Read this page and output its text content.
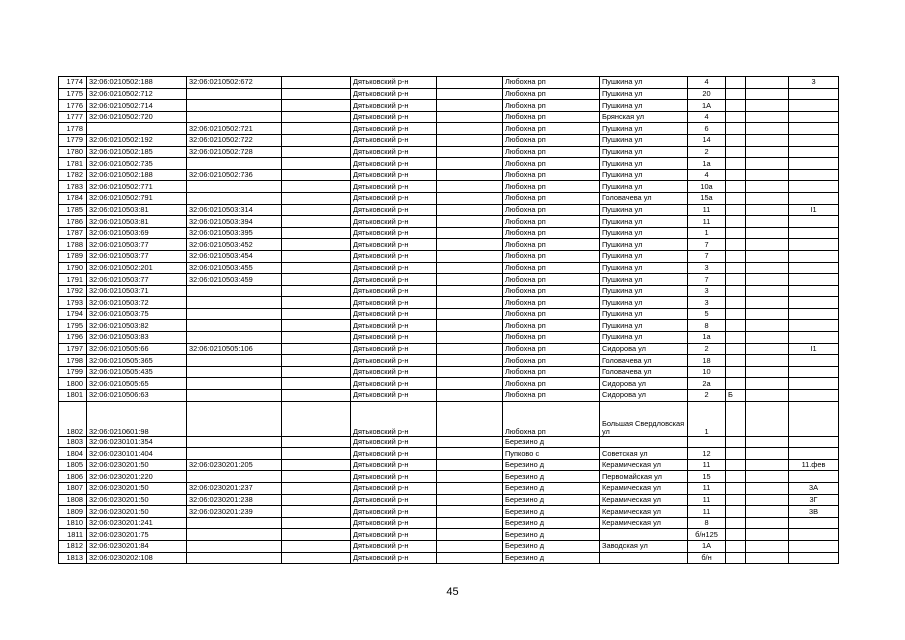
1774	32:06:0210502:188	32:06:0210502:672		Дятьковский р-н		Любохна рп	Пушкина ул	4			3
1775	32:06:0210502:712			Дятьковский р-н		Любохна рп	Пушкина ул	20			
1776	32:06:0210502:714			Дятьковский р-н		Любохна рп	Пушкина ул	1А			
1777	32:06:0210502:720			Дятьковский р-н		Любохна рп	Брянская ул	4			
1778		32:06:0210502:721		Дятьковский р-н		Любохна рп	Пушкина ул	6			
1779	32:06:0210502:192	32:06:0210502:722		Дятьковский р-н		Любохна рп	Пушкина ул	14			
1780	32:06:0210502:185	32:06:0210502:728		Дятьковский р-н		Любохна рп	Пушкина ул	2			
1781	32:06:0210502:735			Дятьковский р-н		Любохна рп	Пушкина ул	1а			
1782	32:06:0210502:188	32:06:0210502:736		Дятьковский р-н		Любохна рп	Пушкина ул	4			
1783	32:06:0210502:771			Дятьковский р-н		Любохна рп	Пушкина ул	10а			
1784	32:06:0210502:791			Дятьковский р-н		Любохна рп	Головачева ул	15а			
1785	32:06:0210503:81	32:06:0210503:314		Дятьковский р-н		Любохна рп	Пушкина ул	11			I1
1786	32:06:0210503:81	32:06:0210503:394		Дятьковский р-н		Любохна рп	Пушкина ул	11			
1787	32:06:0210503:69	32:06:0210503:395		Дятьковский р-н		Любохна рп	Пушкина ул	1			
1788	32:06:0210503:77	32:06:0210503:452		Дятьковский р-н		Любохна рп	Пушкина ул	7			
1789	32:06:0210503:77	32:06:0210503:454		Дятьковский р-н		Любохна рп	Пушкина ул	7			
1790	32:06:0210502:201	32:06:0210503:455		Дятьковский р-н		Любохна рп	Пушкина ул	3			
1791	32:06:0210503:77	32:06:0210503:459		Дятьковский р-н		Любохна рп	Пушкина ул	7			
1792	32:06:0210503:71			Дятьковский р-н		Любохна рп	Пушкина ул	3			
1793	32:06:0210503:72			Дятьковский р-н		Любохна рп	Пушкина ул	3			
1794	32:06:0210503:75			Дятьковский р-н		Любохна рп	Пушкина ул	5			
1795	32:06:0210503:82			Дятьковский р-н		Любохна рп	Пушкина ул	8			
1796	32:06:0210503:83			Дятьковский р-н		Любохна рп	Пушкина ул	1а			
1797	32:06:0210505:66	32:06:0210505:106		Дятьковский р-н		Любохна рп	Сидорова ул	2			I1
1798	32:06:0210505:365			Дятьковский р-н		Любохна рп	Головачева ул	18			
1799	32:06:0210505:435			Дятьковский р-н		Любохна рп	Головачева ул	10			
1800	32:06:0210505:65			Дятьковский р-н		Любохна рп	Сидорова ул	2а			
1801	32:06:0210506:63			Дятьковский р-н		Любохна рп	Сидорова ул	2	Б		
1802	32:06:0210601:98			Дятьковский р-н		Любохна рп	Большая Свердловская ул	1			
1803	32:06:0230101:354			Дятьковский р-н		Березино д					
1804	32:06:0230101:404			Дятьковский р-н		Пупково с	Советская ул	12			
1805	32:06:0230201:50	32:06:0230201:205		Дятьковский р-н		Березино д	Керамическая ул	11			11.фев
1806	32:06:0230201:220			Дятьковский р-н		Березино д	Первомайская ул	15			
1807	32:06:0230201:50	32:06:0230201:237		Дятьковский р-н		Березино д	Керамическая ул	11			3А
1808	32:06:0230201:50	32:06:0230201:238		Дятьковский р-н		Березино д	Керамическая ул	11			3Г
1809	32:06:0230201:50	32:06:0230201:239		Дятьковский р-н		Березино д	Керамическая ул	11			3В
1810	32:06:0230201:241			Дятьковский р-н		Березино д	Керамическая ул	8			
1811	32:06:0230201:75			Дятьковский р-н		Березино д		б/н125			
1812	32:06:0230201:84			Дятьковский р-н		Березино д	Заводская ул	1А			
1813	32:06:0230202:108			Дятьковский р-н		Березино д		б/н			
45
